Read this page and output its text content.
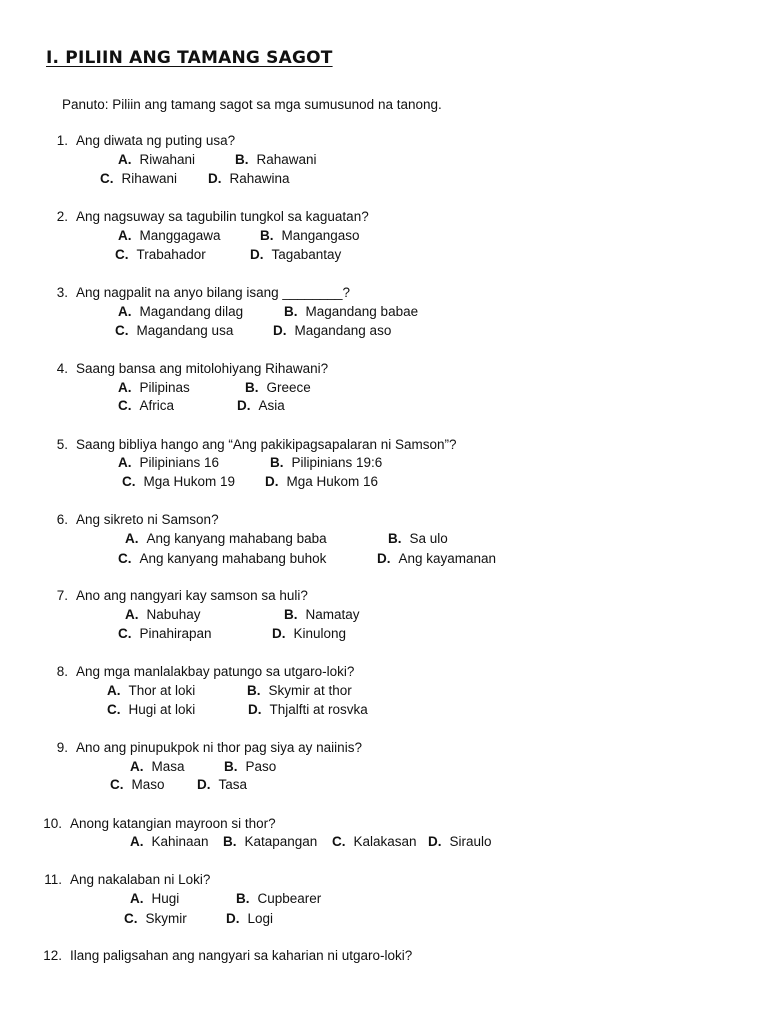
I. PILIIN ANG TAMANG SAGOT

Panuto: Piliin ang tamang sagot sa mga sumusunod na tanong.

1. Ang diwata ng puting usa?
A. Riwahani	B. Rahawani
C. Rihawani D. Rahawina
2. Ang nagsuway sa tagubilin tungkol sa kaguatan?
A. Manggagawa	B. Mangangaso
C. Trabahador	D. Tagabantay
3. Ang nagpalit na anyo bilang isang ________?
A. Magandang dilag	B. Magandang babae
C. Magandang usa	D. Magandang aso
4. Saang bansa ang mitolohiyang Rihawani?
A. Pilipinas	B. Greece
C. Africa	D. Asia
5. Saang bibliya hango ang “Ang pakikipagsapalaran ni Samson”?
A. Pilipinians 16	B. Pilipinians 19:6
C. Mga Hukom 19 D. Mga Hukom 16
6. Ang sikreto ni Samson?
A. Ang kanyang mahabang baba	B. Sa ulo
C. Ang kanyang mahabang buhok	D. Ang kayamanan
7. Ano ang nangyari kay samson sa huli?
A. Nabuhay	B. Namatay
C. Pinahirapan	D. Kinulong
8. Ang mga manlalakbay patungo sa utgaro-loki?
A. Thor at loki	B. Skymir at thor
C. Hugi at loki	D. Thjalfti at rosvka
9. Ano ang pinupukpok ni thor pag siya ay naiinis?
A. Masa	B. Paso
C. Maso D. Tasa
10. Anong katangian mayroon si thor?
A. Kahinaan B. Katapangan C. Kalakasan D. Siraulo
11. Ang nakalaban ni Loki?
A. Hugi	B. Cupbearer
C. Skymir	D. Logi
12. Ilang paligsahan ang nangyari sa kaharian ni utgaro-loki?
